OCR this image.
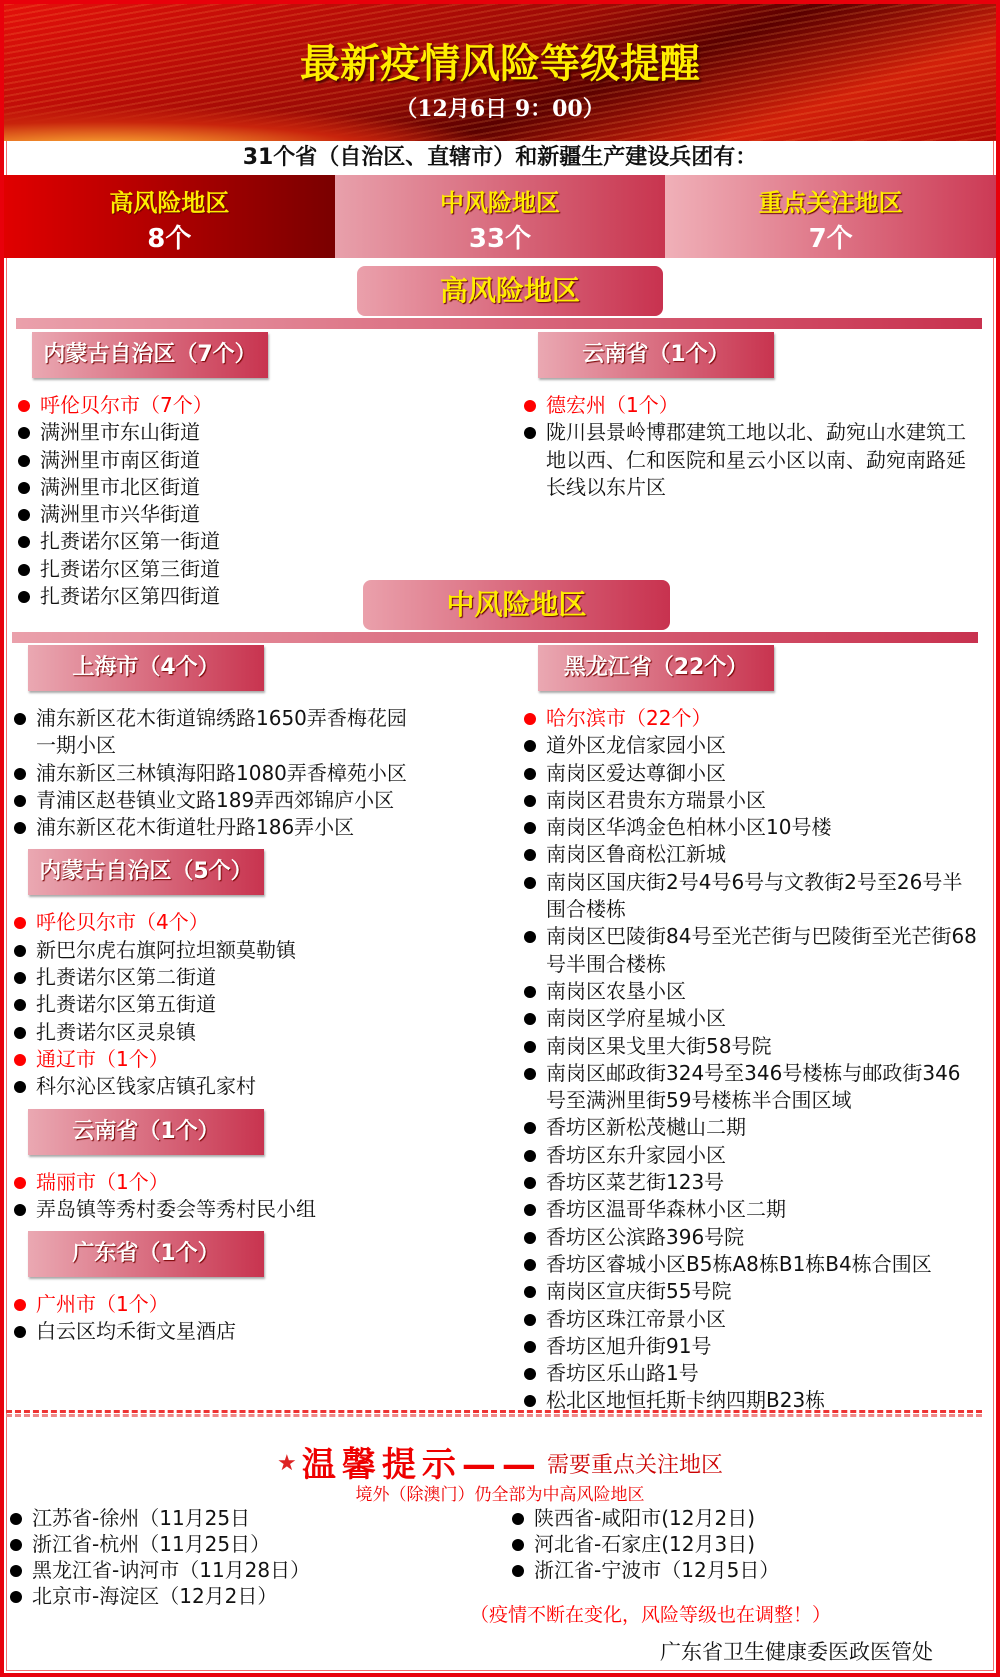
最新疫情风险等级提醒
（12月6日 9：00）
31个省（自治区、直辖市）和新疆生产建设兵团有：
高风险地区
8个
中风险地区
33个
重点关注地区
7个
高风险地区
内蒙古自治区（7个）
呼伦贝尔市（7个）
满洲里市东山街道
满洲里市南区街道
满洲里市北区街道
满洲里市兴华街道
扎赉诺尔区第一街道
扎赉诺尔区第三街道
扎赉诺尔区第四街道
云南省（1个）
德宏州（1个）
陇川县景岭博郡建筑工地以北、勐宛山水建筑工地以西、仁和医院和星云小区以南、勐宛南路延长线以东片区
中风险地区
上海市（4个）
浦东新区花木街道锦绣路1650弄香梅花园一期小区
浦东新区三林镇海阳路1080弄香樟苑小区
青浦区赵巷镇业文路189弄西郊锦庐小区
浦东新区花木街道牡丹路186弄小区
内蒙古自治区（5个）
呼伦贝尔市（4个）
新巴尔虎右旗阿拉坦额莫勒镇
扎赉诺尔区第二街道
扎赉诺尔区第五街道
扎赉诺尔区灵泉镇
通辽市（1个）
科尔沁区钱家店镇孔家村
云南省（1个）
瑞丽市（1个）
弄岛镇等秀村委会等秀村民小组
广东省（1个）
广州市（1个）
白云区均禾街文星酒店
黑龙江省（22个）
哈尔滨市（22个）
道外区龙信家园小区
南岗区爱达尊御小区
南岗区君贵东方瑞景小区
南岗区华鸿金色柏林小区10号楼
南岗区鲁商松江新城
南岗区国庆街2号4号6号与文教街2号至26号半围合楼栋
南岗区巴陵街84号至光芒街与巴陵街至光芒街68号半围合楼栋
南岗区农垦小区
南岗区学府星城小区
南岗区果戈里大街58号院
南岗区邮政街324号至346号楼栋与邮政街346号至满洲里街59号楼栋半合围区域
香坊区新松茂樾山二期
香坊区东升家园小区
香坊区菜艺街123号
香坊区温哥华森林小区二期
香坊区公滨路396号院
香坊区睿城小区B5栋A8栋B1栋B4栋合围区
南岗区宣庆街55号院
香坊区珠江帝景小区
香坊区旭升街91号
香坊区乐山路1号
松北区地恒托斯卡纳四期B23栋
★ 温馨提示—— 需要重点关注地区
境外（除澳门）仍全部为中高风险地区
江苏省-徐州（11月25日
浙江省-杭州（11月25日）
黑龙江省-讷河市（11月28日）
北京市-海淀区（12月2日）
陕西省-咸阳市(12月2日)
河北省-石家庄(12月3日)
浙江省-宁波市（12月5日）
（疫情不断在变化，风险等级也在调整！）
广东省卫生健康委医政医管处
